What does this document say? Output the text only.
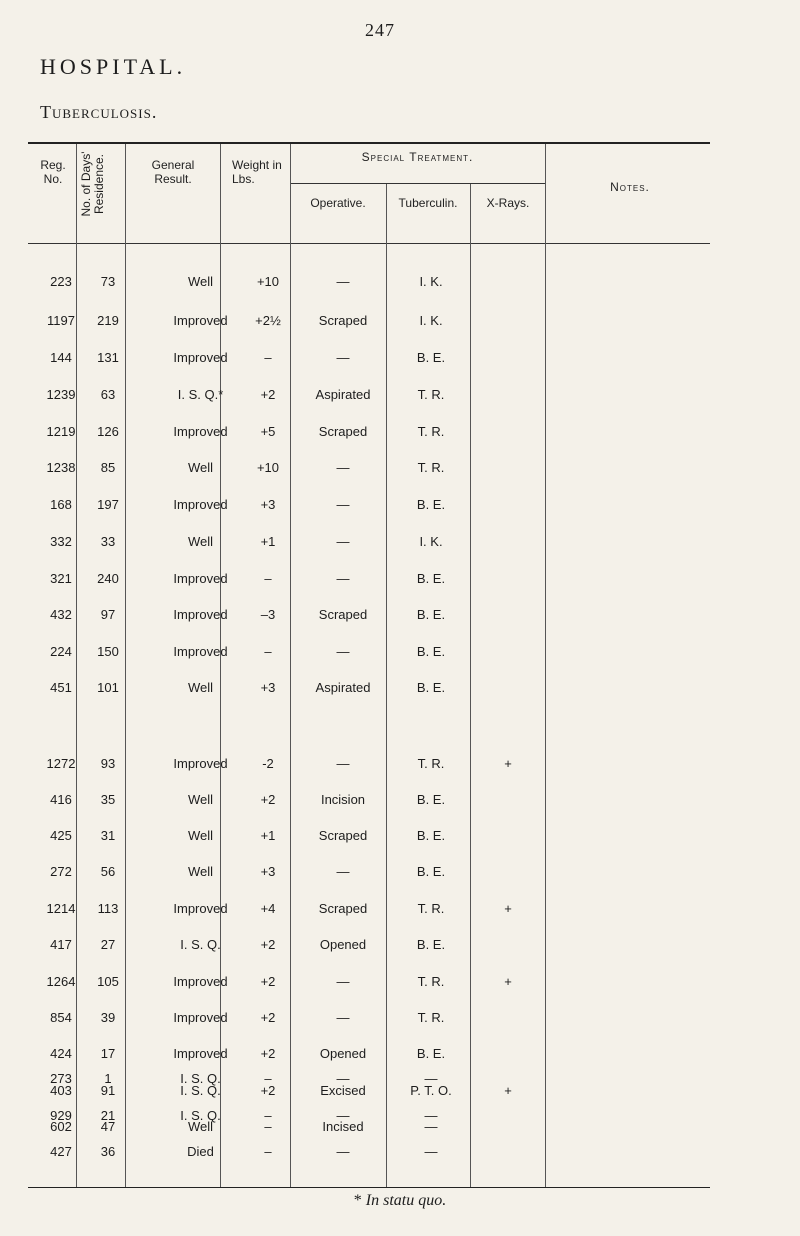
247
HOSPITAL.
Tuberculosis.
Reg. No.	No. of Days' Residence.	General Result.
Weight in Lbs.
Special Treatment.
Operative.	Tuberculin.	X-Rays.
Notes.
223	73	Well	+10	—	I. K.
1197	219	Improved	+2½	Scraped	I. K.
144	131	Improved	–	—	B. E.
1239	63	I. S. Q.*	+2	Aspirated	T. R.
1219	126	Improved	+5	Scraped	T. R.
1238	85	Well	+10	—	T. R.
168	197	Improved	+3	—	B. E.
332	33	Well	+1	—	I. K.
321	240	Improved	–	—	B. E.
432	97	Improved	–3	Scraped	B. E.
224	150	Improved	–	—	B. E.
451	101	Well	+3	Aspirated	B. E.
1272	93	Improved	-2	—	T. R.	+
416	35	Well	+2	Incision	B. E.
425	31	Well	+1	Scraped	B. E.
272	56	Well	+3	—	B. E.
1214	113	Improved	+4	Scraped	T. R.	+
417	27	I. S. Q.	+2	Opened	B. E.
1264	105	Improved	+2	—	T. R.	+
854	39	Improved	+2	—	T. R.
424	17	Improved	+2	Opened	B. E.
403	91	I. S. Q.	+2	Excised	P. T. O.	+
602	47	Well	–	Incised	—
273	1	I. S. Q.	–	—	—
929	21	I. S. Q.	–	—	—
427	36	Died	–	—	—
* In statu quo.
